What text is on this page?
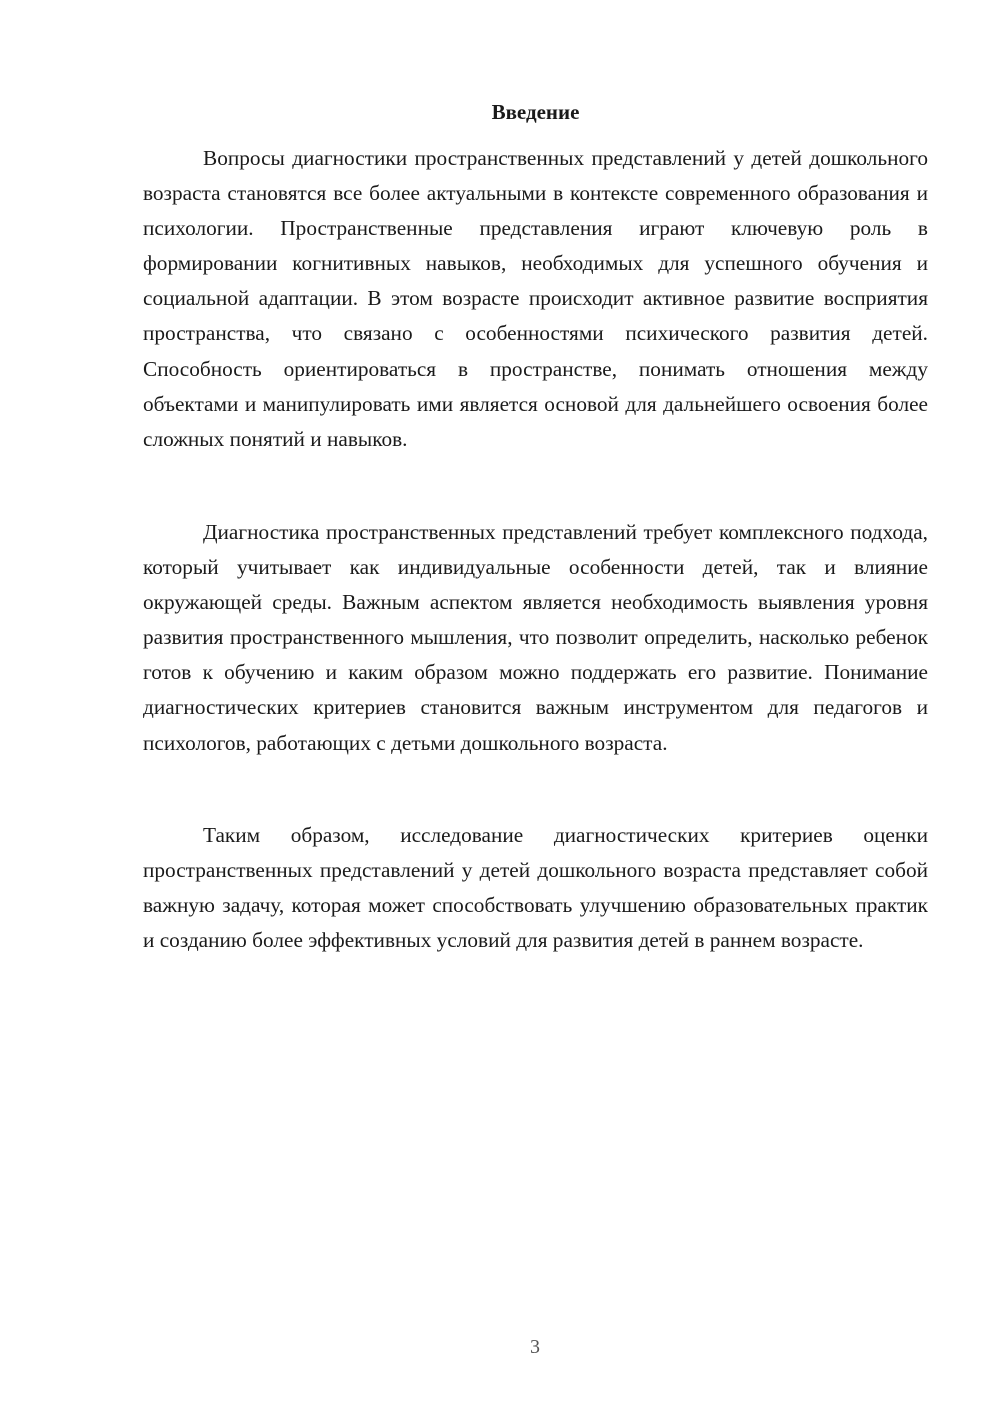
Введение

Вопросы диагностики пространственных представлений у детей дошкольного возраста становятся все более актуальными в контексте современного образования и психологии. Пространственные представления играют ключевую роль в формировании когнитивных навыков, необходимых для успешного обучения и социальной адаптации. В этом возрасте происходит активное развитие восприятия пространства, что связано с особенностями психического развития детей. Способность ориентироваться в пространстве, понимать отношения между объектами и манипулировать ими является основой для дальнейшего освоения более сложных понятий и навыков.

Диагностика пространственных представлений требует комплексного подхода, который учитывает как индивидуальные особенности детей, так и влияние окружающей среды. Важным аспектом является необходимость выявления уровня развития пространственного мышления, что позволит определить, насколько ребенок готов к обучению и каким образом можно поддержать его развитие. Понимание диагностических критериев становится важным инструментом для педагогов и психологов, работающих с детьми дошкольного возраста.

Таким образом, исследование диагностических критериев оценки пространственных представлений у детей дошкольного возраста представляет собой важную задачу, которая может способствовать улучшению образовательных практик и созданию более эффективных условий для развития детей в раннем возрасте.

3
